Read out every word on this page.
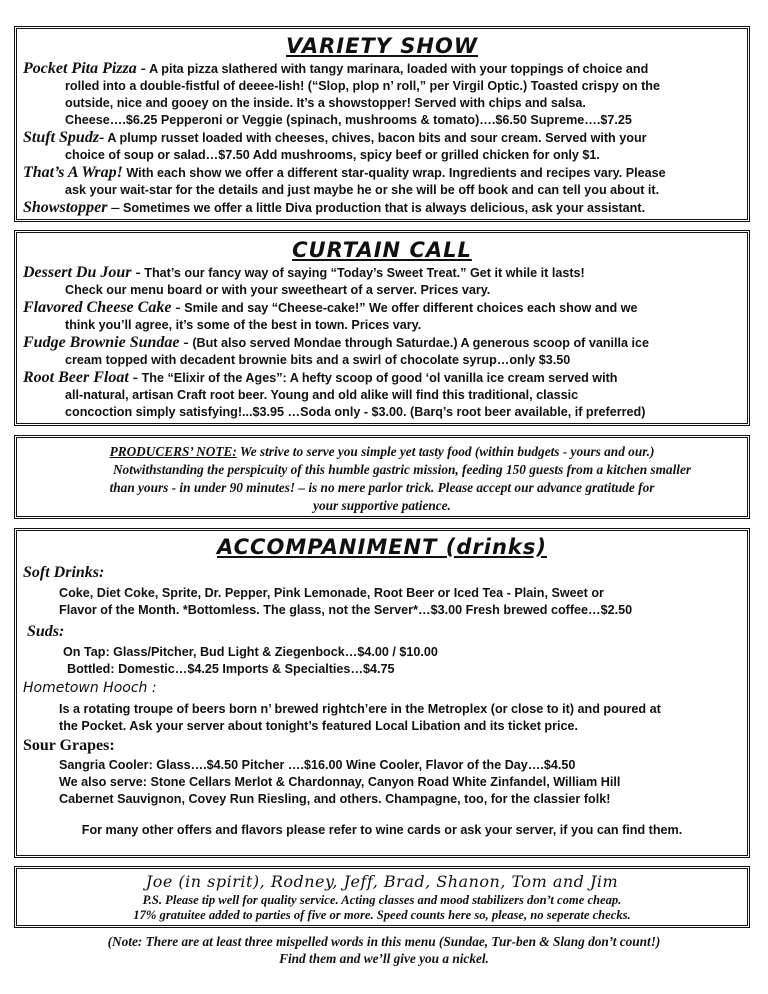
VARIETY SHOW
Pocket Pita Pizza - A pita pizza slathered with tangy marinara, loaded with your toppings of choice and
rolled into a double-fistful of deeee-lish! (“Slop, plop n’ roll,” per Virgil Optic.) Toasted crispy on the
outside, nice and gooey on the inside. It’s a showstopper! Served with chips and salsa.
Cheese….$6.25 Pepperoni or Veggie (spinach, mushrooms & tomato)….$6.50 Supreme….$7.25
Stuft Spudz- A plump russet loaded with cheeses, chives, bacon bits and sour cream. Served with your
choice of soup or salad…$7.50 Add mushrooms, spicy beef or grilled chicken for only $1.
That’s A Wrap! With each show we offer a different star-quality wrap. Ingredients and recipes vary. Please
ask your wait-star for the details and just maybe he or she will be off book and can tell you about it.
Showstopper – Sometimes we offer a little Diva production that is always delicious, ask your assistant.
CURTAIN CALL
Dessert Du Jour - That’s our fancy way of saying “Today’s Sweet Treat.” Get it while it lasts!
Check our menu board or with your sweetheart of a server. Prices vary.
Flavored Cheese Cake - Smile and say “Cheese-cake!” We offer different choices each show and we
think you’ll agree, it’s some of the best in town. Prices vary.
Fudge Brownie Sundae - (But also served Mondae through Saturdae.) A generous scoop of vanilla ice
cream topped with decadent brownie bits and a swirl of chocolate syrup…only $3.50
Root Beer Float - The “Elixir of the Ages”: A hefty scoop of good ‘ol vanilla ice cream served with
all-natural, artisan Craft root beer. Young and old alike will find this traditional, classic
concoction simply satisfying!...$3.95 …Soda only - $3.00. (Barq’s root beer available, if preferred)
PRODUCERS’ NOTE: We strive to serve you simple yet tasty food (within budgets - yours and our.)
Notwithstanding the perspicuity of this humble gastric mission, feeding 150 guests from a kitchen smaller
than yours - in under 90 minutes! – is no mere parlor trick. Please accept our advance gratitude for
your supportive patience.
ACCOMPANIMENT (drinks)
Soft Drinks:
Coke, Diet Coke, Sprite, Dr. Pepper, Pink Lemonade, Root Beer or Iced Tea - Plain, Sweet or
Flavor of the Month. *Bottomless. The glass, not the Server*…$3.00 Fresh brewed coffee…$2.50
Suds:
On Tap: Glass/Pitcher, Bud Light & Ziegenbock…$4.00 / $10.00
Bottled: Domestic…$4.25 Imports & Specialties…$4.75
Hometown Hooch :
Is a rotating troupe of beers born n’ brewed rightch’ere in the Metroplex (or close to it) and poured at
the Pocket. Ask your server about tonight’s featured Local Libation and its ticket price.
Sour Grapes:
Sangria Cooler: Glass….$4.50 Pitcher ….$16.00 Wine Cooler, Flavor of the Day….$4.50
We also serve: Stone Cellars Merlot & Chardonnay, Canyon Road White Zinfandel, William Hill
Cabernet Sauvignon, Covey Run Riesling, and others. Champagne, too, for the classier folk!
For many other offers and flavors please refer to wine cards or ask your server, if you can find them.
Joe (in spirit), Rodney, Jeff, Brad, Shanon, Tom and Jim
P.S. Please tip well for quality service. Acting classes and mood stabilizers don’t come cheap.
17% gratuitee added to parties of five or more. Speed counts here so, please, no seperate checks.
(Note: There are at least three mispelled words in this menu (Sundae, Tur-ben & Slang don’t count!)
Find them and we’ll give you a nickel.
